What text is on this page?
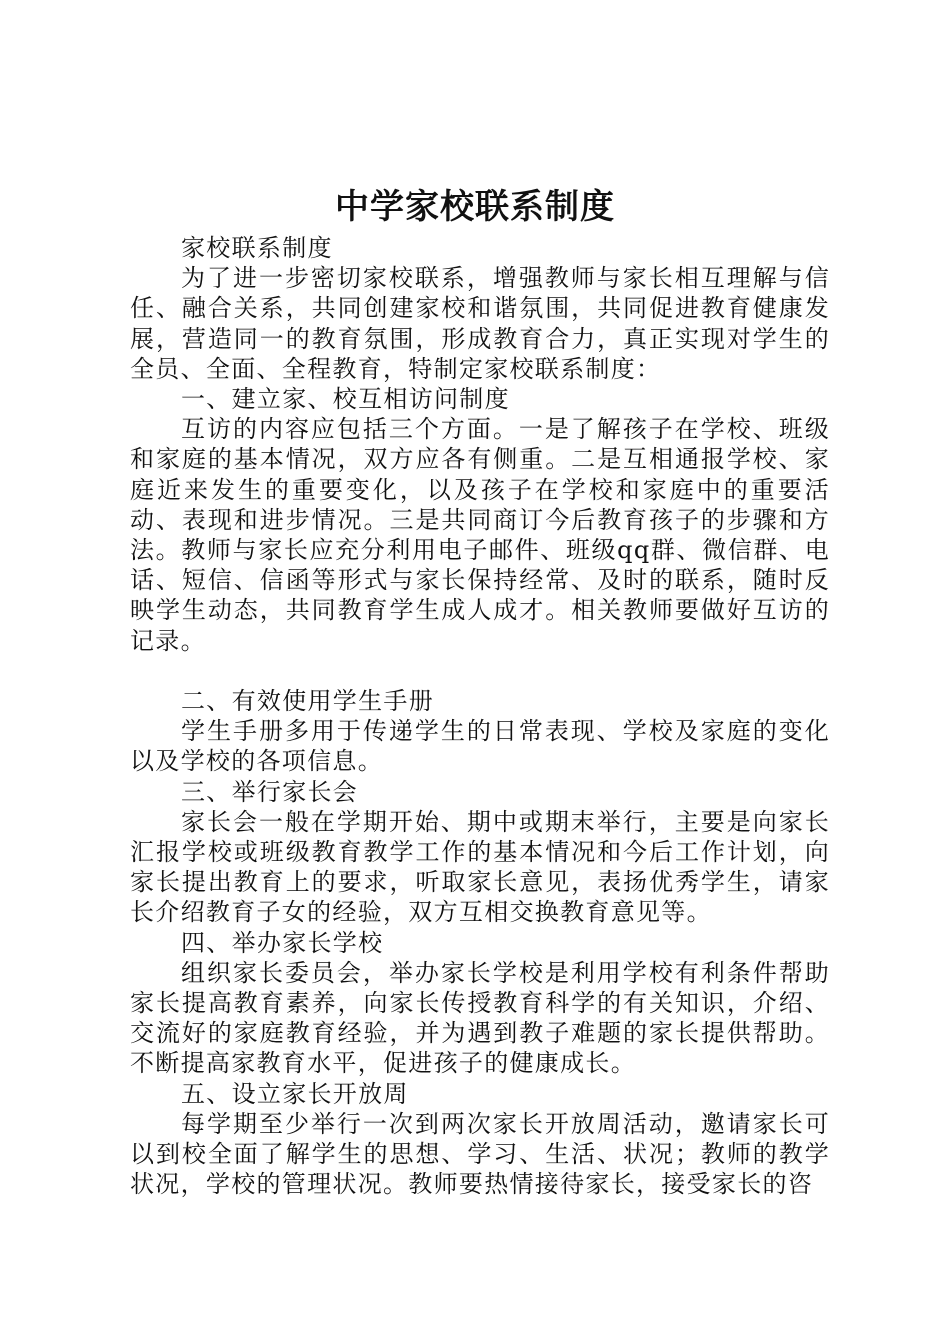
中学家校联系制度

家校联系制度

为了进一步密切家校联系，增强教师与家长相互理解与信任、融合关系，共同创建家校和谐氛围，共同促进教育健康发展，营造同一的教育氛围，形成教育合力，真正实现对学生的全员、全面、全程教育，特制定家校联系制度：

一、建立家、校互相访问制度

互访的内容应包括三个方面。一是了解孩子在学校、班级和家庭的基本情况，双方应各有侧重。二是互相通报学校、家庭近来发生的重要变化，以及孩子在学校和家庭中的重要活动、表现和进步情况。三是共同商订今后教育孩子的步骤和方法。教师与家长应充分利用电子邮件、班级qq群、微信群、电话、短信、信函等形式与家长保持经常、及时的联系，随时反映学生动态，共同教育学生成人成才。相关教师要做好互访的记录。

二、有效使用学生手册

学生手册多用于传递学生的日常表现、学校及家庭的变化以及学校的各项信息。

三、举行家长会

家长会一般在学期开始、期中或期末举行，主要是向家长汇报学校或班级教育教学工作的基本情况和今后工作计划，向家长提出教育上的要求，听取家长意见，表扬优秀学生，请家长介绍教育子女的经验，双方互相交换教育意见等。

四、举办家长学校

组织家长委员会，举办家长学校是利用学校有利条件帮助家长提高教育素养，向家长传授教育科学的有关知识，介绍、交流好的家庭教育经验，并为遇到教子难题的家长提供帮助。不断提高家教育水平，促进孩子的健康成长。

五、设立家长开放周

每学期至少举行一次到两次家长开放周活动，邀请家长可以到校全面了解学生的思想、学习、生活、状况；教师的教学状况，学校的管理状况。教师要热情接待家长，接受家长的咨
